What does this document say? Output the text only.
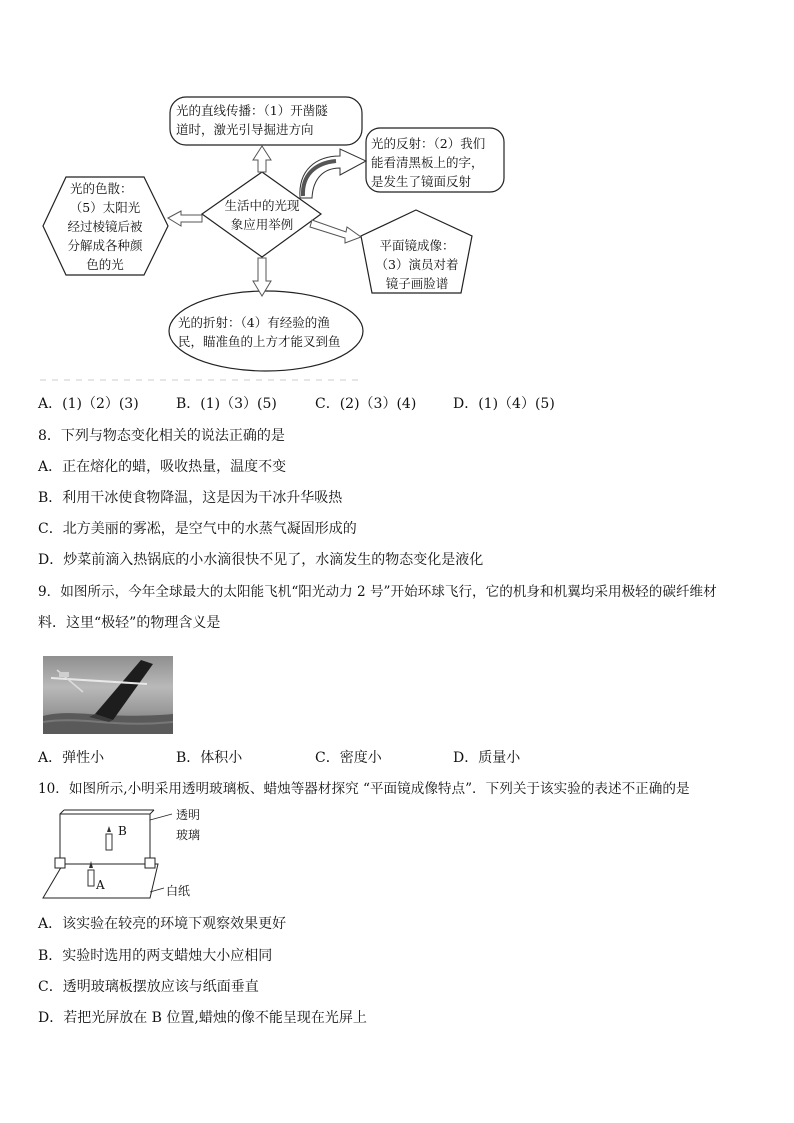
光的直线传播：（1）开凿隧
道时，激光引导掘进方向
光的反射：（2）我们
能看清黑板上的字，
是发生了镜面反射
光的色散：
（5）太阳光
经过棱镜后被
分解成各种颜
色的光
生活中的光现
象应用举例
平面镜成像：
（3）演员对着
镜子画脸谱
光的折射：（4）有经验的渔
民，瞄准鱼的上方才能叉到鱼
A．(1)（2）(3)	B．(1)（3）(5)	C．(2)（3）(4)	D．(1)（4）(5)
8．下列与物态变化相关的说法正确的是
A．正在熔化的蜡，吸收热量，温度不变
B．利用干冰使食物降温，这是因为干冰升华吸热
C．北方美丽的雾凇，是空气中的水蒸气凝固形成的
D．炒菜前滴入热锅底的小水滴很快不见了，水滴发生的物态变化是液化
9．如图所示，今年全球最大的太阳能飞机“阳光动力 2 号”开始环球飞行，它的机身和机翼均采用极轻的碳纤维材
料．这里“极轻”的物理含义是
A．弹性小	B．体积小	C．密度小	D．质量小
10．如图所示,小明采用透明玻璃板、蜡烛等器材探究 “平面镜成像特点”．下列关于该实验的表述不正确的是
B
A
透明
玻璃
白纸
A．该实验在较亮的环境下观察效果更好
B．实验时选用的两支蜡烛大小应相同
C．透明玻璃板摆放应该与纸面垂直
D．若把光屏放在 B 位置,蜡烛的像不能呈现在光屏上
